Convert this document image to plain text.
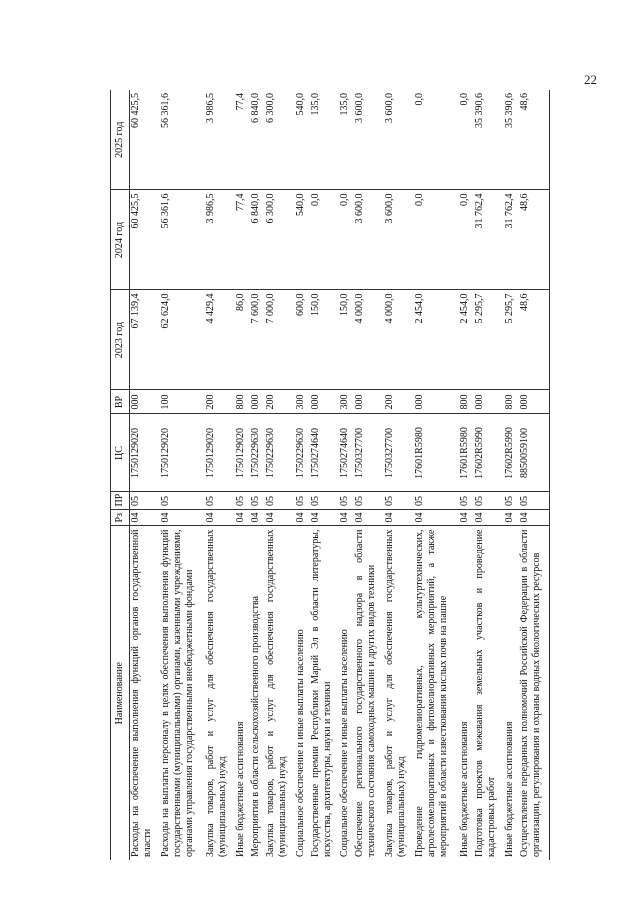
22
Наименование	Рз	ПР	ЦС	ВР	2023 год	2024 год	2025 год
Расходы на обеспечение выполнения функций органов государственной власти	04	05	1750129020	000	67 139,4	60 425,5	60 425,5
Расходы на выплаты персоналу в целях обеспечения выполнения функций государственными (муниципальными) органами, казенными учреждениями, органами управления государственными внебюджетными фондами	04	05	1750129020	100	62 624,0	56 361,6	56 361,6
Закупка товаров, работ и услуг для обеспечения государственных (муниципальных) нужд	04	05	1750129020	200	4 429,4	3 986,5	3 986,5
Иные бюджетные ассигнования	04	05	1750129020	800	86,0	77,4	77,4
Мероприятия в области сельскохозяйственного производства	04	05	1750229630	000	7 600,0	6 840,0	6 840,0
Закупка товаров, работ и услуг для обеспечения государственных (муниципальных) нужд	04	05	1750229630	200	7 000,0	6 300,0	6 300,0
Социальное обеспечение и иные выплаты населению	04	05	1750229630	300	600,0	540,0	540,0
Государственные премии Республики Марий Эл в области литературы, искусства, архитектуры, науки и техники	04	05	1750274640	000	150,0	0,0	135,0
Социальное обеспечение и иные выплаты населению	04	05	1750274640	300	150,0	0,0	135,0
Обеспечение регионального государственного надзора в области технического состояния самоходных машин и других видов техники	04	05	1750327700	000	4 000,0	3 600,0	3 600,0
Закупка товаров, работ и услуг для обеспечения государственных (муниципальных) нужд	04	05	1750327700	200	4 000,0	3 600,0	3 600,0
Проведение гидромелиоративных, культуртехнических, агролесомелиоративных и фитомелиоративных мероприятий, а также мероприятий в области известкования кислых почв на пашне	04	05	17601R5980	000	2 454,0	0,0	0,0
Иные бюджетные ассигнования	04	05	17601R5980	800	2 454,0	0,0	0,0
Подготовка проектов межевания земельных участков и проведение кадастровых работ	04	05	17602R5990	000	5 295,7	31 762,4	35 390,6
Иные бюджетные ассигнования	04	05	17602R5990	800	5 295,7	31 762,4	35 390,6
Осуществление переданных полномочий Российской Федерации в области организации, регулирования и охраны водных биологических ресурсов	04	05	8850059100	000	48,6	48,6	48,6
